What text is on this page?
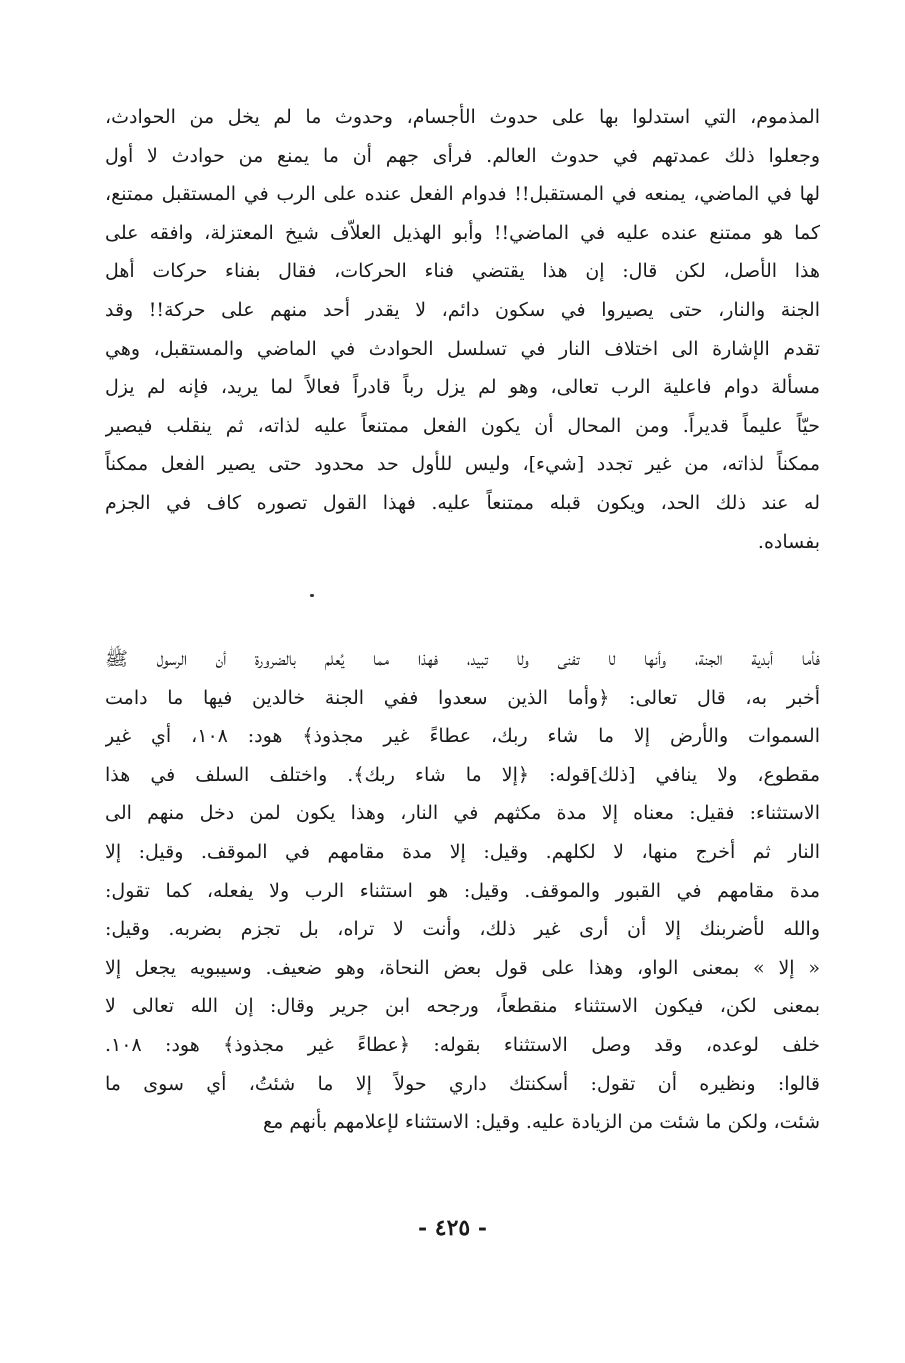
المذموم، التي استدلوا بها على حدوث الأجسام، وحدوث ما لم يخل من الحوادث،
وجعلوا ذلك عمدتهم في حدوث العالم. فرأى جهم أن ما يمنع من حوادث لا أول
لها في الماضي، يمنعه في المستقبل!! فدوام الفعل عنده على الرب في المستقبل ممتنع،
كما هو ممتنع عنده عليه في الماضي!! وأبو الهذيل العلاّف شيخ المعتزلة، وافقه على
هذا الأصل، لكن قال: إن هذا يقتضي فناء الحركات، فقال بفناء حركات أهل
الجنة والنار، حتى يصيروا في سكون دائم، لا يقدر أحد منهم على حركة!! وقد
تقدم الإشارة الى اختلاف النار في تسلسل الحوادث في الماضي والمستقبل، وهي
مسألة دوام فاعلية الرب تعالى، وهو لم يزل رباً قادراً فعالاً لما يريد، فإنه لم يزل
حيّاً عليماً قديراً. ومن المحال أن يكون الفعل ممتنعاً عليه لذاته، ثم ينقلب فيصير
ممكناً لذاته، من غير تجدد [شيء]، وليس للأول حد محدود حتى يصير الفعل ممكناً
له عند ذلك الحد، ويكون قبله ممتنعاً عليه. فهذا القول تصوره كاف في الجزم
بفساده.
فأما أبدية الجنة، وأنها لا تفنى ولا تبيد، فهذا مما يُعلم بالضرورة أن الرسول ﷺ
أخبر به، قال تعالى: ﴿وأما الذين سعدوا ففي الجنة خالدين فيها ما دامت
السموات والأرض إلا ما شاء ربك، عطاءً غير مجذوذ﴾ هود: ١٠٨، أي غير
مقطوع، ولا ينافي [ذلك]قوله: ﴿إلا ما شاء ربك﴾. واختلف السلف في هذا
الاستثناء: فقيل: معناه إلا مدة مكثهم في النار، وهذا يكون لمن دخل منهم الى
النار ثم أخرج منها، لا لكلهم. وقيل: إلا مدة مقامهم في الموقف. وقيل: إلا
مدة مقامهم في القبور والموقف. وقيل: هو استثناء الرب ولا يفعله، كما تقول:
والله لأضربنك إلا أن أرى غير ذلك، وأنت لا تراه، بل تجزم بضربه. وقيل:
« إلا » بمعنى الواو، وهذا على قول بعض النحاة، وهو ضعيف. وسيبويه يجعل إلا
بمعنى لكن، فيكون الاستثناء منقطعاً، ورجحه ابن جرير وقال: إن الله تعالى لا
خلف لوعده، وقد وصل الاستثناء بقوله: ﴿عطاءً غير مجذوذ﴾ هود: ١٠٨.
قالوا: ونظيره أن تقول: أسكنتك داري حولاً إلا ما شئتُ، أي سوى ما
شئت، ولكن ما شئت من الزيادة عليه. وقيل: الاستثناء لإعلامهم بأنهم مع
- ٤٢٥ -
